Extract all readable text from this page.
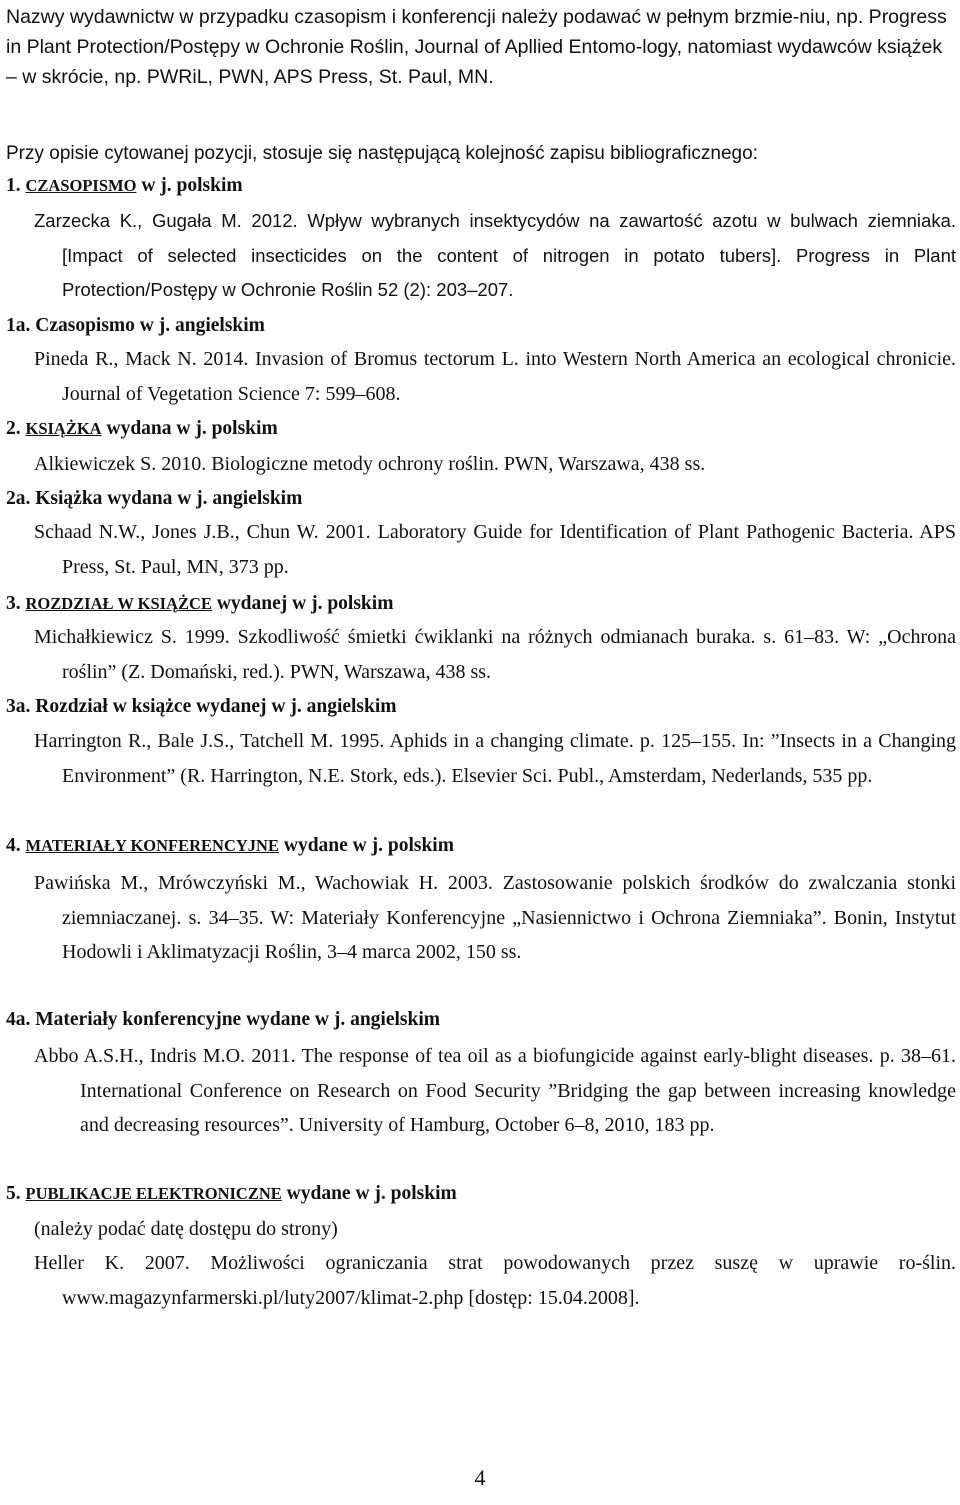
Nazwy wydawnictw w przypadku czasopism i konferencji należy podawać w pełnym brzmie-niu, np. Progress in Plant Protection/Postępy w Ochronie Roślin, Journal of Apllied Entomo-logy, natomiast wydawców książek – w skrócie, np. PWRiL, PWN, APS Press, St. Paul, MN.
Przy opisie cytowanej pozycji, stosuje się następującą kolejność zapisu bibliograficznego:
1. CZASOPISMO w j. polskim
Zarzecka K., Gugała M. 2012. Wpływ wybranych insektycydów na zawartość azotu w bulwach ziemniaka. [Impact of selected insecticides on the content of nitrogen in potato tubers]. Progress in Plant Protection/Postępy w Ochronie Roślin 52 (2): 203–207.
1a. Czasopismo w j. angielskim
Pineda R., Mack N. 2014. Invasion of Bromus tectorum L. into Western North America an ecological chronicie. Journal of Vegetation Science 7: 599–608.
2. KSIĄŻKA wydana w j. polskim
Alkiewiczek S. 2010. Biologiczne metody ochrony roślin. PWN, Warszawa, 438 ss.
2a. Książka wydana w j. angielskim
Schaad N.W., Jones J.B., Chun W. 2001. Laboratory Guide for Identification of Plant Pathogenic Bacteria. APS Press, St. Paul, MN, 373 pp.
3. ROZDZIAŁ W KSIĄŻCE wydanej w j. polskim
Michałkiewicz S. 1999. Szkodliwość śmietki ćwiklanki na różnych odmianach buraka. s. 61–83. W: „Ochrona roślin” (Z. Domański, red.). PWN, Warszawa, 438 ss.
3a. Rozdział w książce wydanej w j. angielskim
Harrington R., Bale J.S., Tatchell M. 1995. Aphids in a changing climate. p. 125–155. In: ”Insects in a Changing Environment” (R. Harrington, N.E. Stork, eds.). Elsevier Sci. Publ., Amsterdam, Nederlands, 535 pp.
4. MATERIAŁY KONFERENCYJNE wydane w j. polskim
Pawińska M., Mrówczyński M., Wachowiak H. 2003. Zastosowanie polskich środków do zwalczania stonki ziemniaczanej. s. 34–35. W: Materiały Konferencyjne „Nasiennictwo i Ochrona Ziemniaka”. Bonin, Instytut Hodowli i Aklimatyzacji Roślin, 3–4 marca 2002, 150 ss.
4a. Materiały konferencyjne wydane w j. angielskim
Abbo A.S.H., Indris M.O. 2011. The response of tea oil as a biofungicide against early-blight diseases. p. 38–61. International Conference on Research on Food Security ”Bridging the gap between increasing knowledge and decreasing resources”. University of Hamburg, October 6–8, 2010, 183 pp.
5. PUBLIKACJE ELEKTRONICZNE wydane w j. polskim
(należy podać datę dostępu do strony)
Heller K. 2007. Możliwości ograniczania strat powodowanych przez suszę w uprawie ro-ślin. www.magazynfarmerski.pl/luty2007/klimat-2.php [dostęp: 15.04.2008].
4
